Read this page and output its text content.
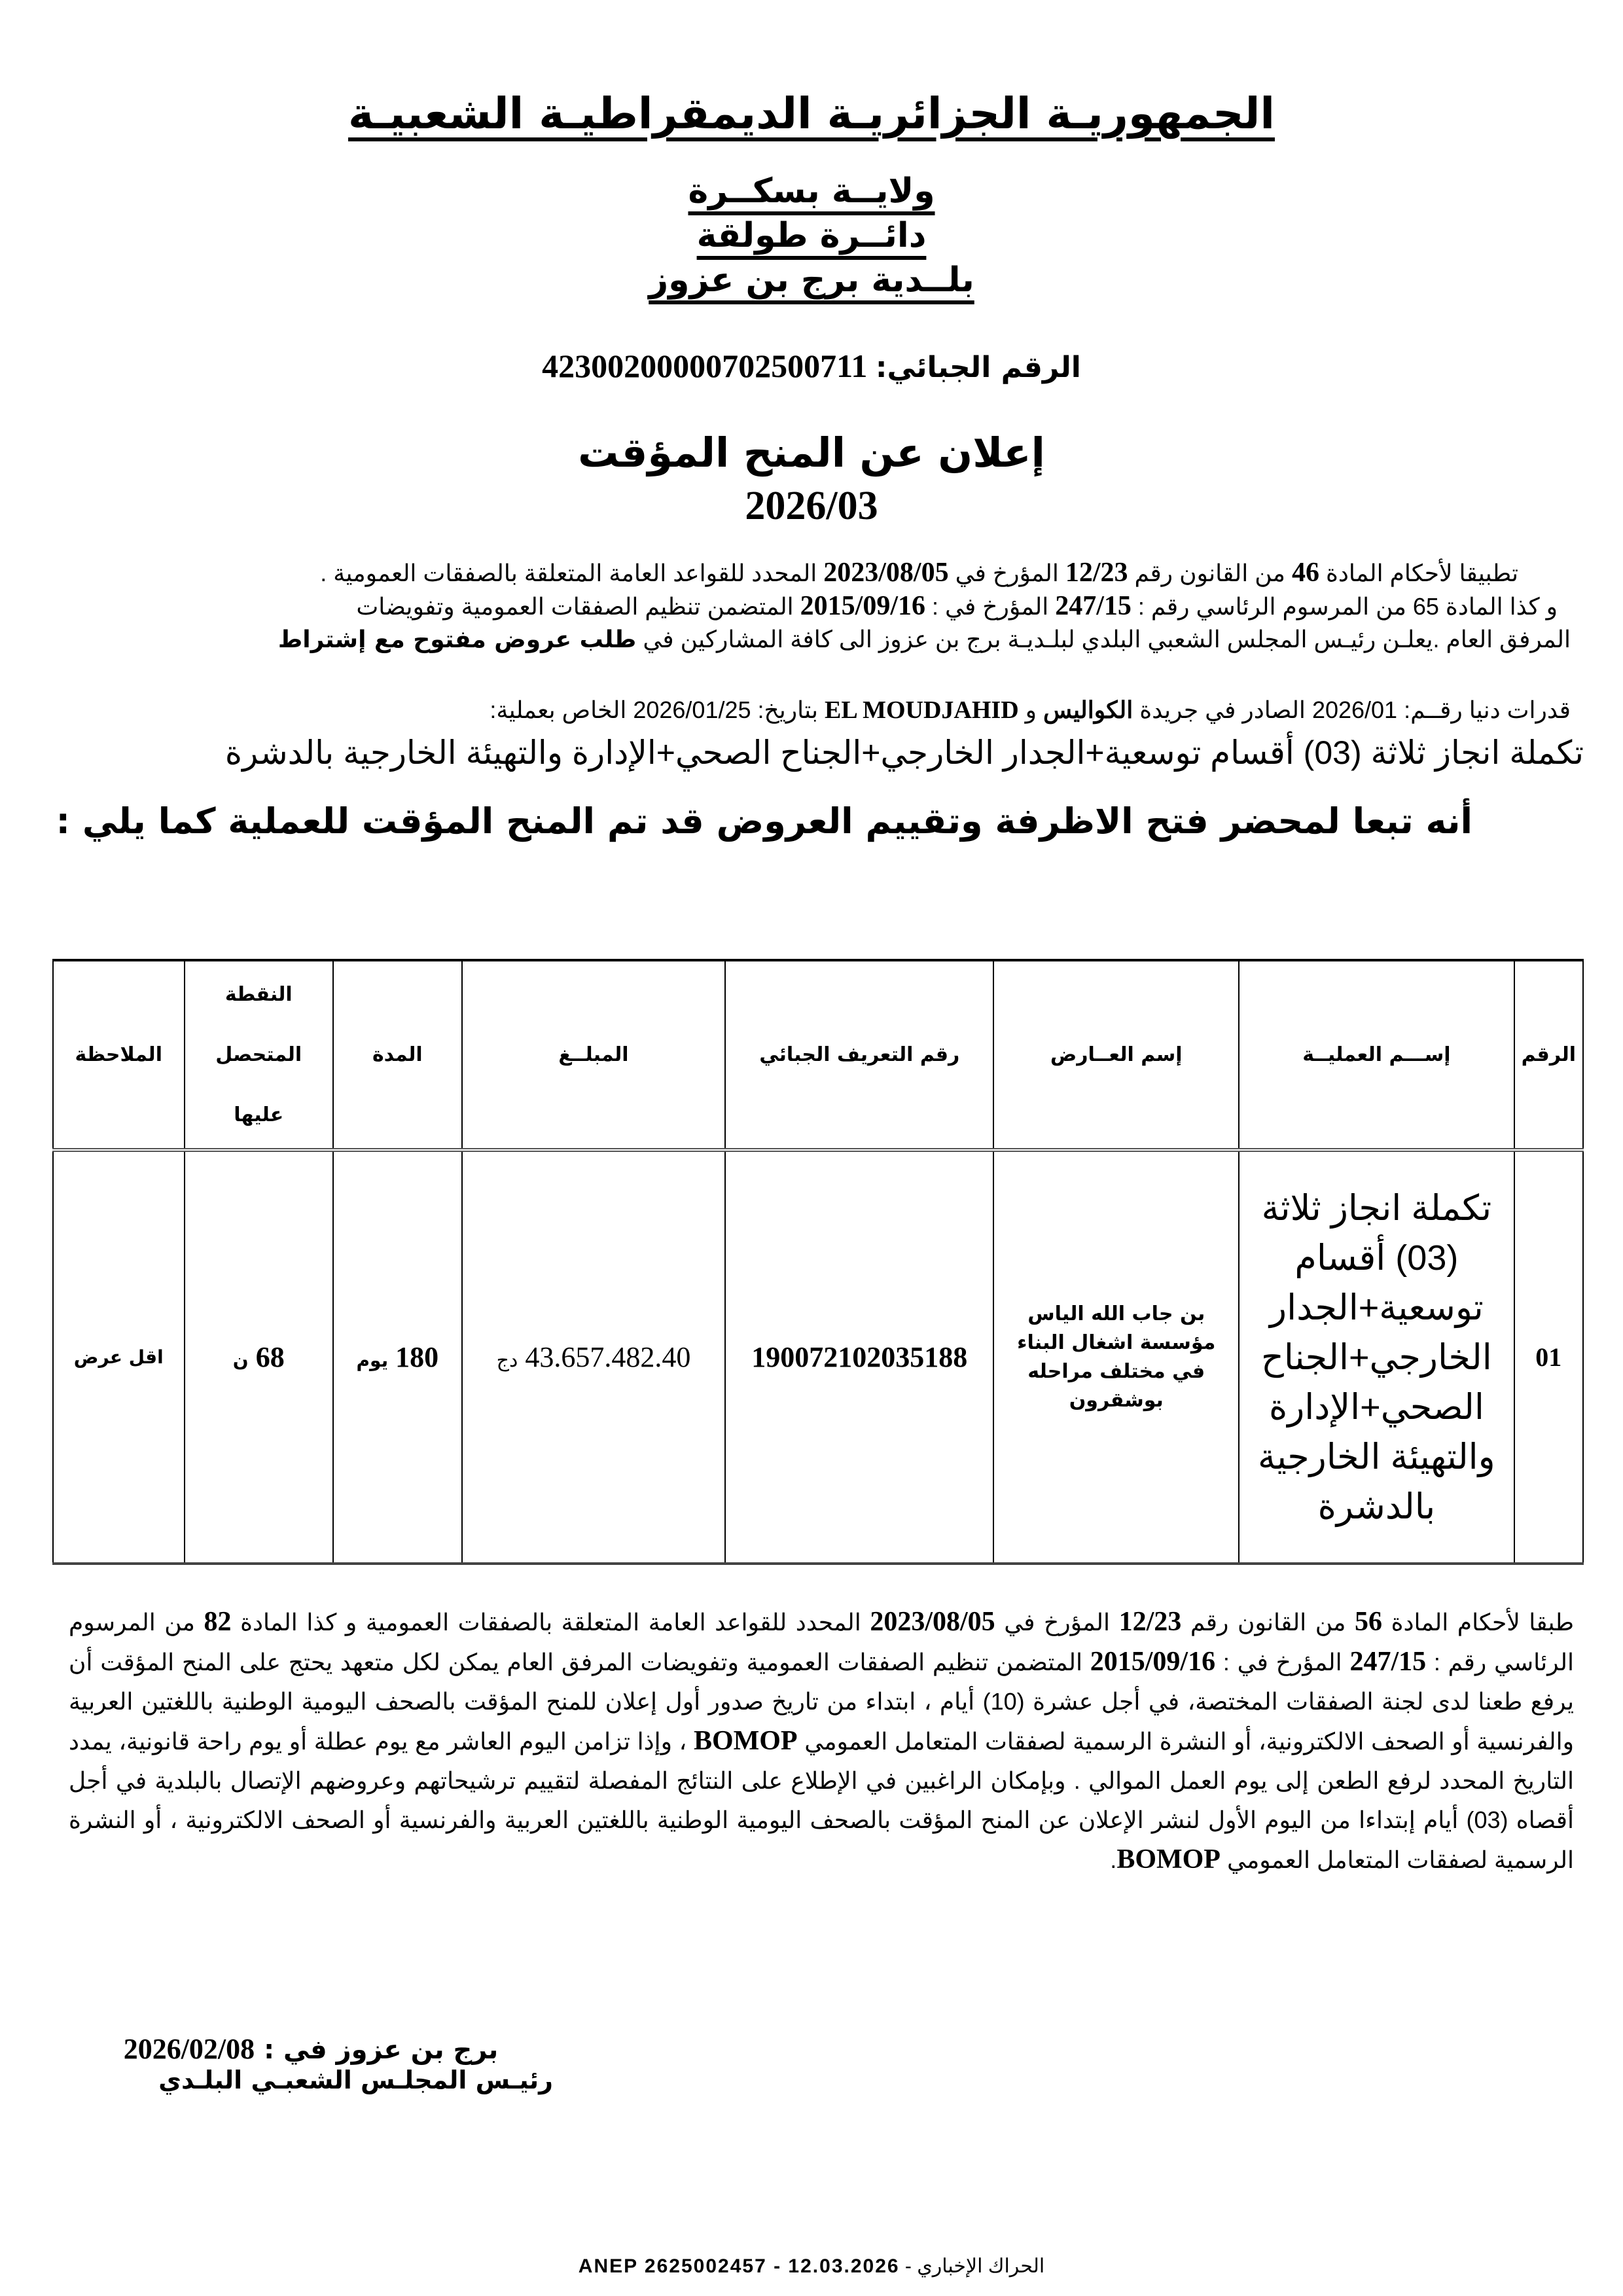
الجمهوريـة الجزائريـة الديمقراطيـة الشعبيـة
ولايــة بسكــرة
دائــرة طولقة
بلــدية برج بن عزوز
الرقم الجبائي: 4230020000070250071​1
إعلان عن المنح المؤقت
2026/03
تطبيقا لأحكام المادة 46 من القانون رقم 12/23 المؤرخ في 2023/08/05 المحدد للقواعد العامة المتعلقة بالصفقات العمومية .
و كذا المادة 65 من المرسوم الرئاسي رقم : 247/15 المؤرخ في : 2015/09/16 المتضمن تنظيم الصفقات العمومية وتفويضات
المرفق العام .يعلـن رئيـس المجلس الشعبي البلدي لبلـديـة برج بن عزوز الى كافة المشاركين في طلب عروض مفتوح مع إشتراط
قدرات دنيا رقــم: 2026/01 الصادر في جريدة الكواليس و EL MOUDJAHID بتاريخ: 2026/01/25 الخاص بعملية:
تكملة انجاز ثلاثة (03) أقسام توسعية+الجدار الخارجي+الجناح الصحي+الإدارة والتهيئة الخارجية بالدشرة
أنه تبعا لمحضر فتح الاظرفة وتقييم العروض قد تم المنح المؤقت للعملية كما يلي :
الرقم	إســـم العمليــة	إسم العــارض	رقم التعريف الجبائي	المبلــغ	المدة	النقطة
المتحصل
عليها	الملاحظة
01	تكملة انجاز ثلاثة (03) أقسام توسعية+الجدار الخارجي+الجناح الصحي+الإدارة والتهيئة الخارجية بالدشرة	بن جاب الله الياس
مؤسسة اشغال البناء
في مختلف مراحله
بوشقرون	190072102035188	43.657.482.40 دج	180 يوم	68 ن	اقل عرض
طبقا لأحكام المادة 56 من القانون رقم 12/23 المؤرخ في 2023/08/05 المحدد للقواعد العامة المتعلقة بالصفقات العمومية و كذا المادة 82 من المرسوم الرئاسي رقم : 247/15 المؤرخ في : 2015/09/16 المتضمن تنظيم الصفقات العمومية وتفويضات المرفق العام يمكن لكل متعهد يحتج على المنح المؤقت أن يرفع طعنا لدى لجنة الصفقات المختصة، في أجل عشرة (10) أيام ، ابتداء من تاريخ صدور أول إعلان للمنح المؤقت بالصحف اليومية الوطنية باللغتين العربية والفرنسية أو الصحف الالكترونية، أو النشرة الرسمية لصفقات المتعامل العمومي BOMOP ، وإذا تزامن اليوم العاشر مع يوم عطلة أو يوم راحة قانونية، يمدد التاريخ المحدد لرفع الطعن إلى يوم العمل الموالي . وبإمكان الراغبين في الإطلاع على النتائج المفصلة لتقييم ترشيحاتهم وعروضهم الإتصال بالبلدية في أجل أقصاه (03) أيام إبتداءا من اليوم الأول لنشر الإعلان عن المنح المؤقت بالصحف اليومية الوطنية باللغتين العربية والفرنسية أو الصحف الالكترونية ، أو النشرة الرسمية لصفقات المتعامل العمومي BOMOP.
برج بن عزوز في : 2026/02/08
رئيـس المجلـس الشعبـي البلـدي
ANEP 2625002457 - 12.03.2026 - الحراك الإخباري
